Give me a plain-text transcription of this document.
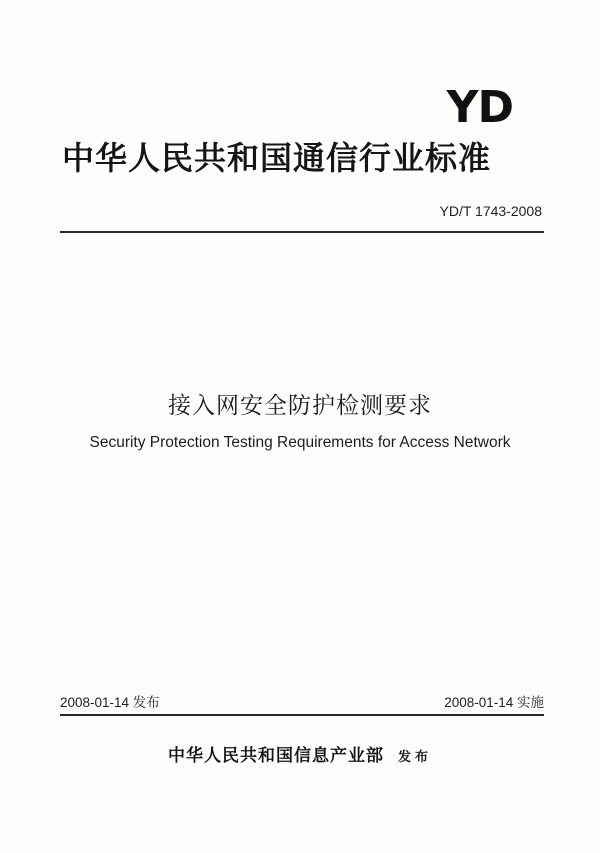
YD
中华人民共和国通信行业标准
YD/T 1743-2008
接入网安全防护检测要求
Security Protection Testing Requirements for Access Network
2008-01-14 发布	2008-01-14 实施
中华人民共和国信息产业部 发布
